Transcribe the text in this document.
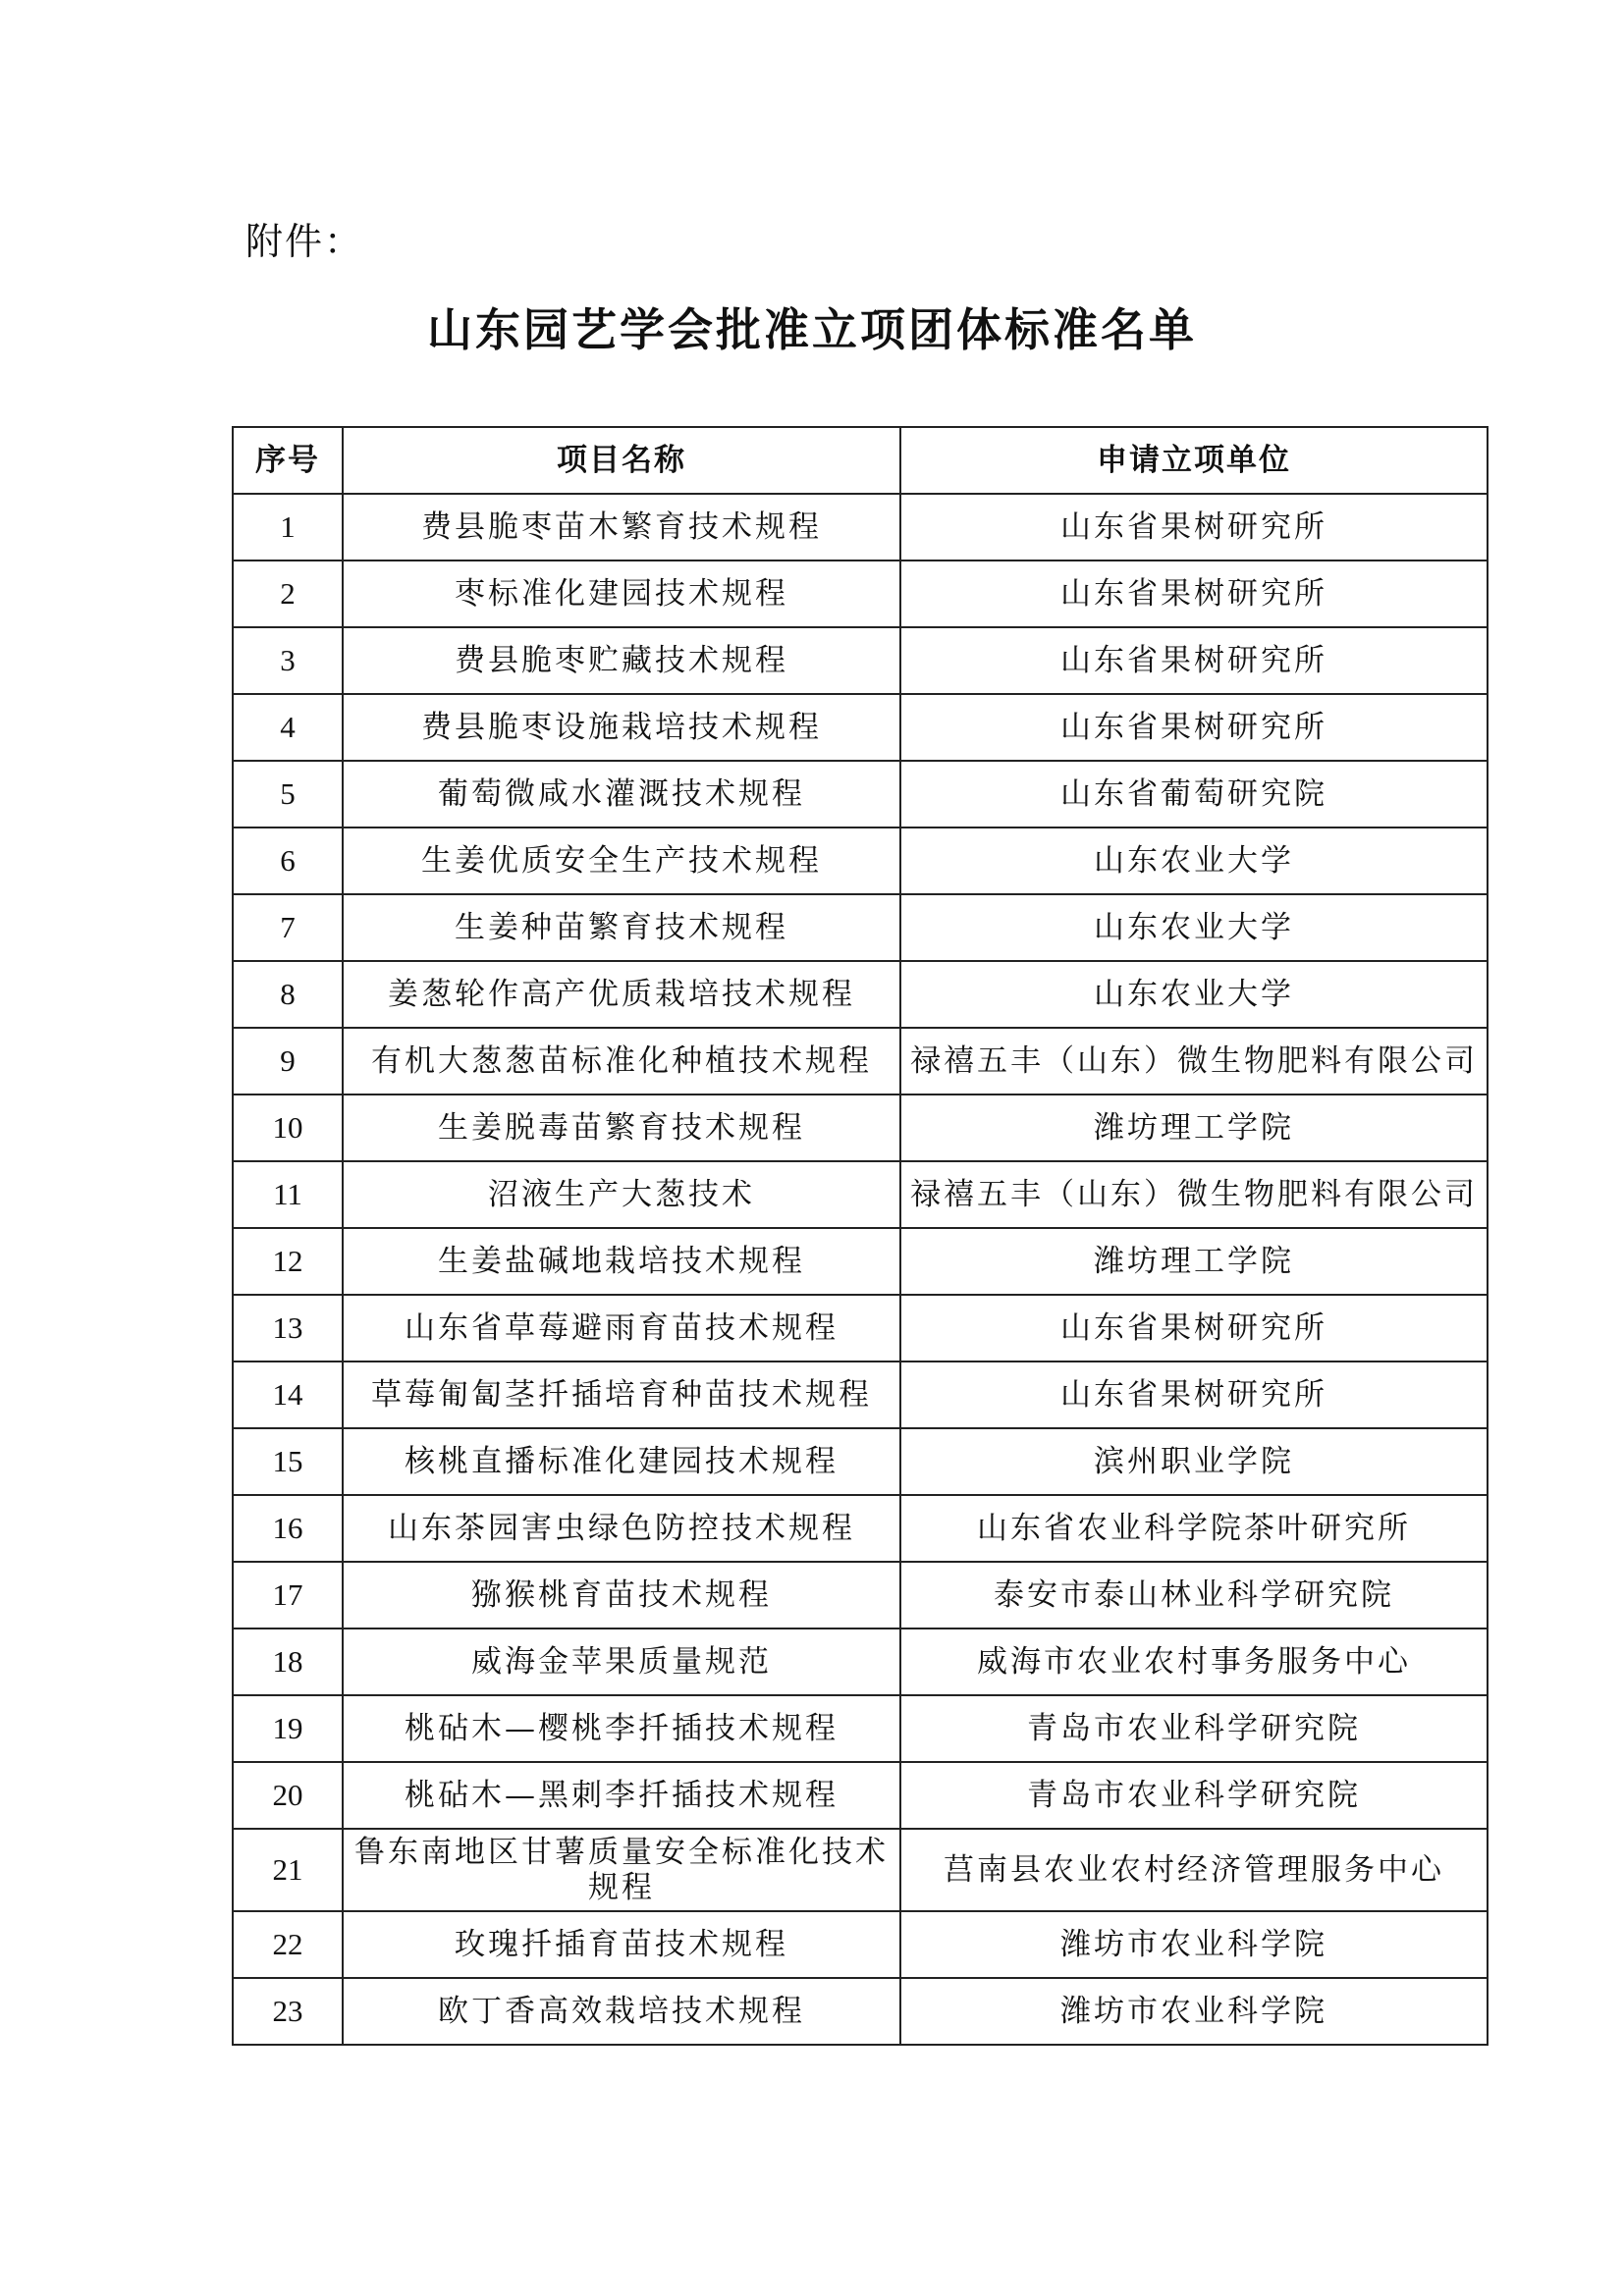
附件：
山东园艺学会批准立项团体标准名单
序号	项目名称	申请立项单位
1	费县脆枣苗木繁育技术规程	山东省果树研究所
2	枣标准化建园技术规程	山东省果树研究所
3	费县脆枣贮藏技术规程	山东省果树研究所
4	费县脆枣设施栽培技术规程	山东省果树研究所
5	葡萄微咸水灌溉技术规程	山东省葡萄研究院
6	生姜优质安全生产技术规程	山东农业大学
7	生姜种苗繁育技术规程	山东农业大学
8	姜葱轮作高产优质栽培技术规程	山东农业大学
9	有机大葱葱苗标准化种植技术规程	禄禧五丰（山东）微生物肥料有限公司
10	生姜脱毒苗繁育技术规程	潍坊理工学院
11	沼液生产大葱技术	禄禧五丰（山东）微生物肥料有限公司
12	生姜盐碱地栽培技术规程	潍坊理工学院
13	山东省草莓避雨育苗技术规程	山东省果树研究所
14	草莓匍匐茎扦插培育种苗技术规程	山东省果树研究所
15	核桃直播标准化建园技术规程	滨州职业学院
16	山东茶园害虫绿色防控技术规程	山东省农业科学院茶叶研究所
17	猕猴桃育苗技术规程	泰安市泰山林业科学研究院
18	威海金苹果质量规范	威海市农业农村事务服务中心
19	桃砧木—樱桃李扦插技术规程	青岛市农业科学研究院
20	桃砧木—黑刺李扦插技术规程	青岛市农业科学研究院
21	鲁东南地区甘薯质量安全标准化技术规程	莒南县农业农村经济管理服务中心
22	玫瑰扦插育苗技术规程	潍坊市农业科学院
23	欧丁香高效栽培技术规程	潍坊市农业科学院
